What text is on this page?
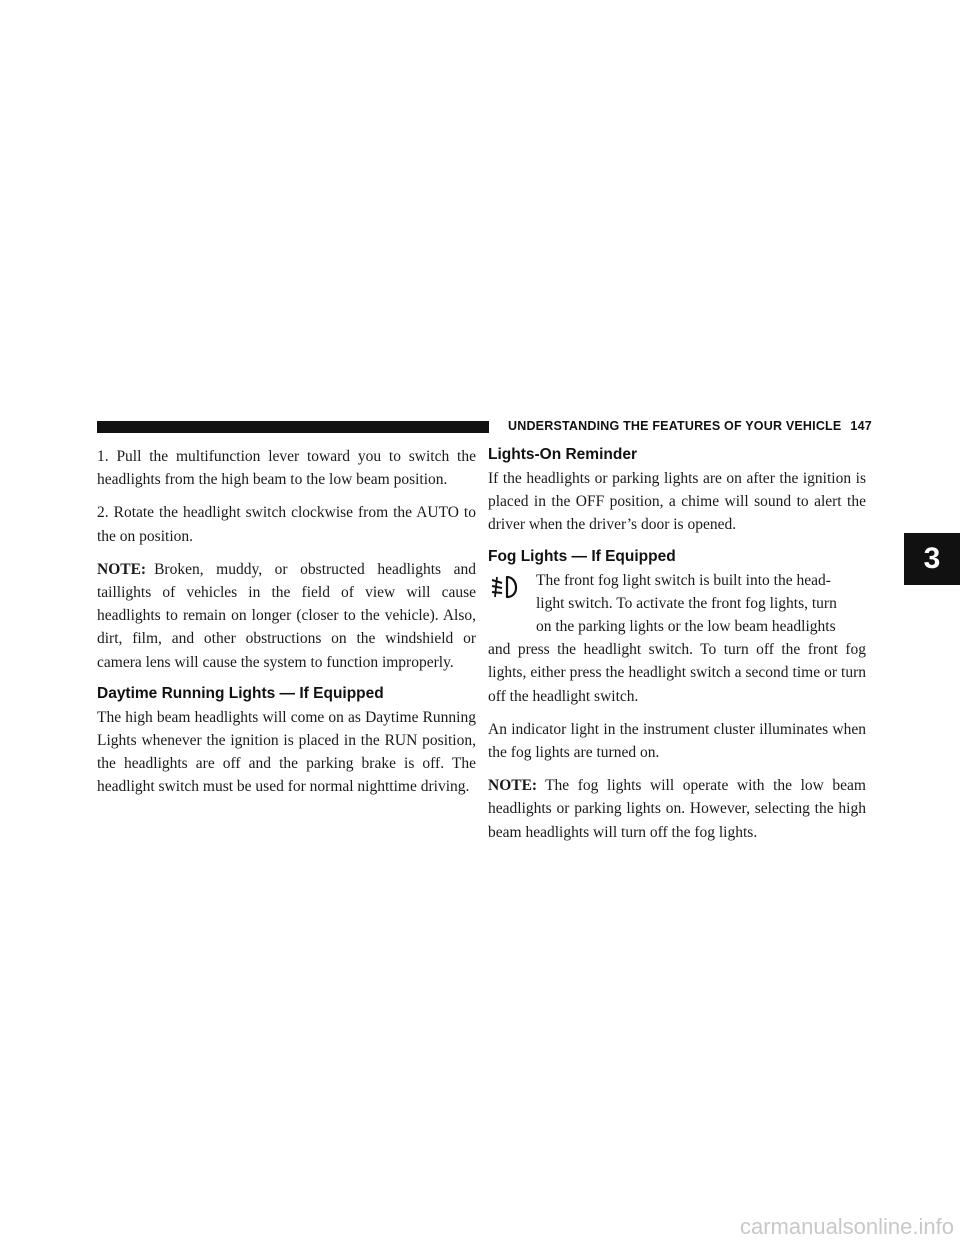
UNDERSTANDING THE FEATURES OF YOUR VEHICLE 147

1. Pull the multifunction lever toward you to switch the headlights from the high beam to the low beam position.

2. Rotate the headlight switch clockwise from the AUTO to the on position.

NOTE: Broken, muddy, or obstructed headlights and taillights of vehicles in the field of view will cause headlights to remain on longer (closer to the vehicle). Also, dirt, film, and other obstructions on the windshield or camera lens will cause the system to function improperly.

Daytime Running Lights — If Equipped

The high beam headlights will come on as Daytime Running Lights whenever the ignition is placed in the RUN position, the headlights are off and the parking brake is off. The headlight switch must be used for normal nighttime driving.

Lights-On Reminder

If the headlights or parking lights are on after the ignition is placed in the OFF position, a chime will sound to alert the driver when the driver’s door is opened.

Fog Lights — If Equipped

The front fog light switch is built into the head-
light switch. To activate the front fog lights, turn
on the parking lights or the low beam headlights
and press the headlight switch. To turn off the front fog lights, either press the headlight switch a second time or turn off the headlight switch.

An indicator light in the instrument cluster illuminates when the fog lights are turned on.

NOTE: The fog lights will operate with the low beam headlights or parking lights on. However, selecting the high beam headlights will turn off the fog lights.

3
carmanualsonline.info
